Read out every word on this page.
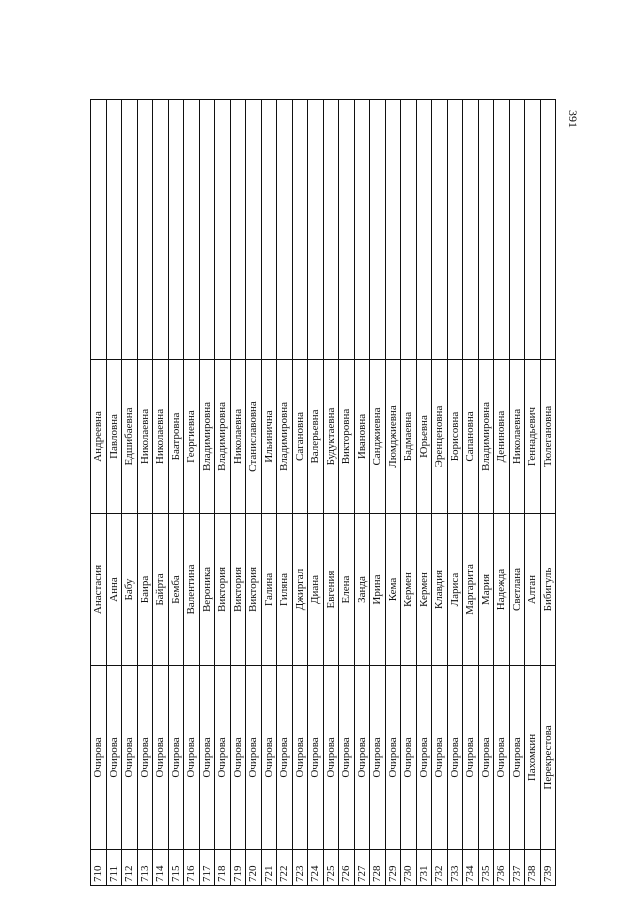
391
710
Очирова
Анастасия
Андреевна
711
Очирова
Анна
Павловна
712
Очирова
Бабу
Едшибаевна
713
Очирова
Баира
Николаевна
714
Очирова
Байрта
Николаевна
715
Очирова
Бемба
Баатровна
716
Очирова
Валентина
Георгиевна
717
Очирова
Вероника
Владимировна
718
Очирова
Виктория
Владимировна
719
Очирова
Виктория
Николаевна
720
Очирова
Виктория
Станиславовна
721
Очирова
Галина
Ильинична
722
Очирова
Гиляна
Владимировна
723
Очирова
Джиргал
Сагановна
724
Очирова
Диана
Валерьевна
725
Очирова
Евгения
Будуктаевна
726
Очирова
Елена
Викторовна
727
Очирова
Занда
Ивановна
728
Очирова
Ирина
Санджиевна
729
Очирова
Кема
Люмджиевна
730
Очирова
Кермен
Бадмаевна
731
Очирова
Кермен
Юрьевна
732
Очирова
Клавдия
Эренценовна
733
Очирова
Лариса
Борисовна
734
Очирова
Маргарита
Сапановна
735
Очирова
Мария
Владимировна
736
Очирова
Надежда
Дениновна
737
Очирова
Светлана
Николаевна
738
Пахомкин
Алтан
Геннадьевич
739
Перекрестова
Бибигуль
Тюлегановна
